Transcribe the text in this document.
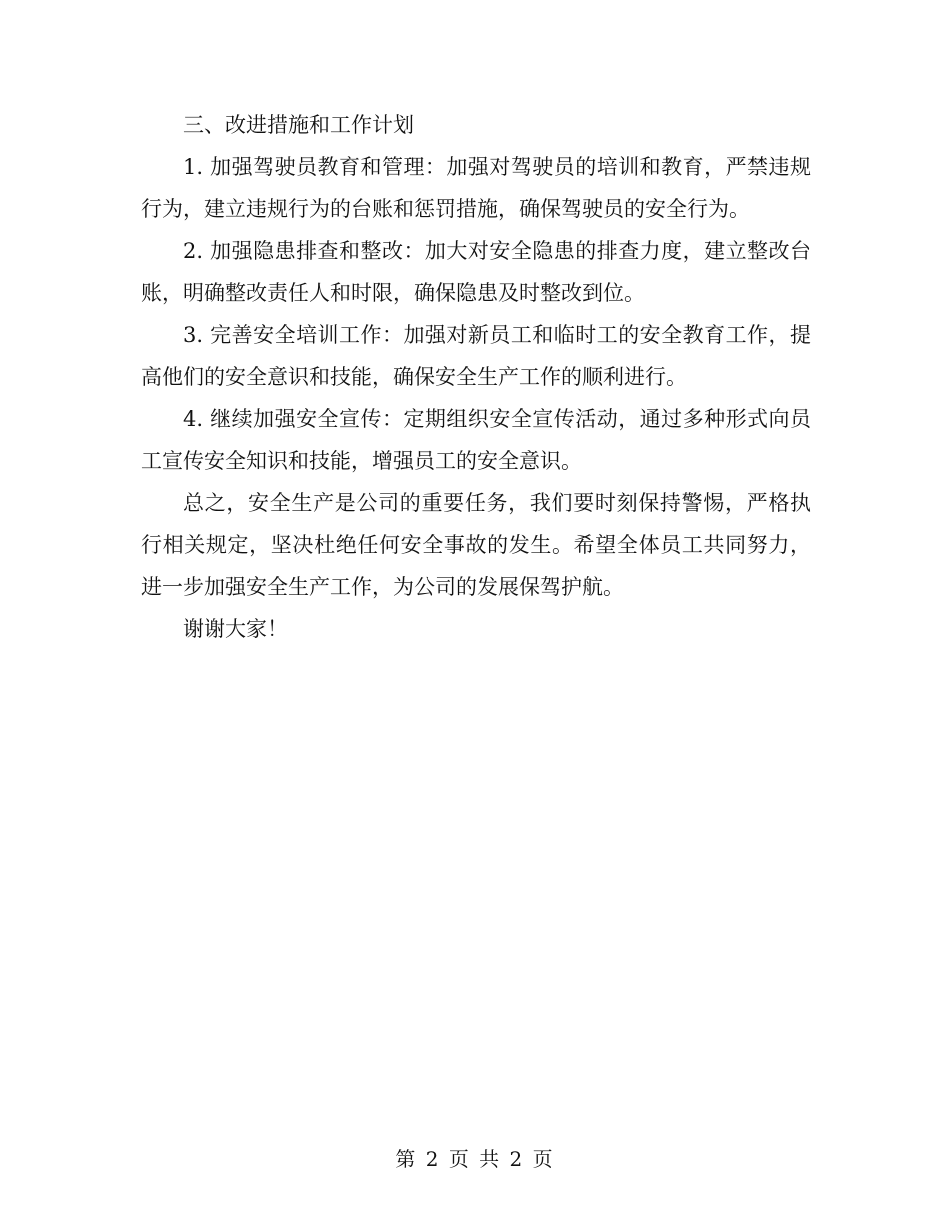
三、改进措施和工作计划

1. 加强驾驶员教育和管理：加强对驾驶员的培训和教育，严禁违规行为，建立违规行为的台账和惩罚措施，确保驾驶员的安全行为。

2. 加强隐患排查和整改：加大对安全隐患的排查力度，建立整改台账，明确整改责任人和时限，确保隐患及时整改到位。

3. 完善安全培训工作：加强对新员工和临时工的安全教育工作，提高他们的安全意识和技能，确保安全生产工作的顺利进行。

4. 继续加强安全宣传：定期组织安全宣传活动，通过多种形式向员工宣传安全知识和技能，增强员工的安全意识。

总之，安全生产是公司的重要任务，我们要时刻保持警惕，严格执行相关规定，坚决杜绝任何安全事故的发生。希望全体员工共同努力，进一步加强安全生产工作，为公司的发展保驾护航。

谢谢大家！

第 2 页 共 2 页
